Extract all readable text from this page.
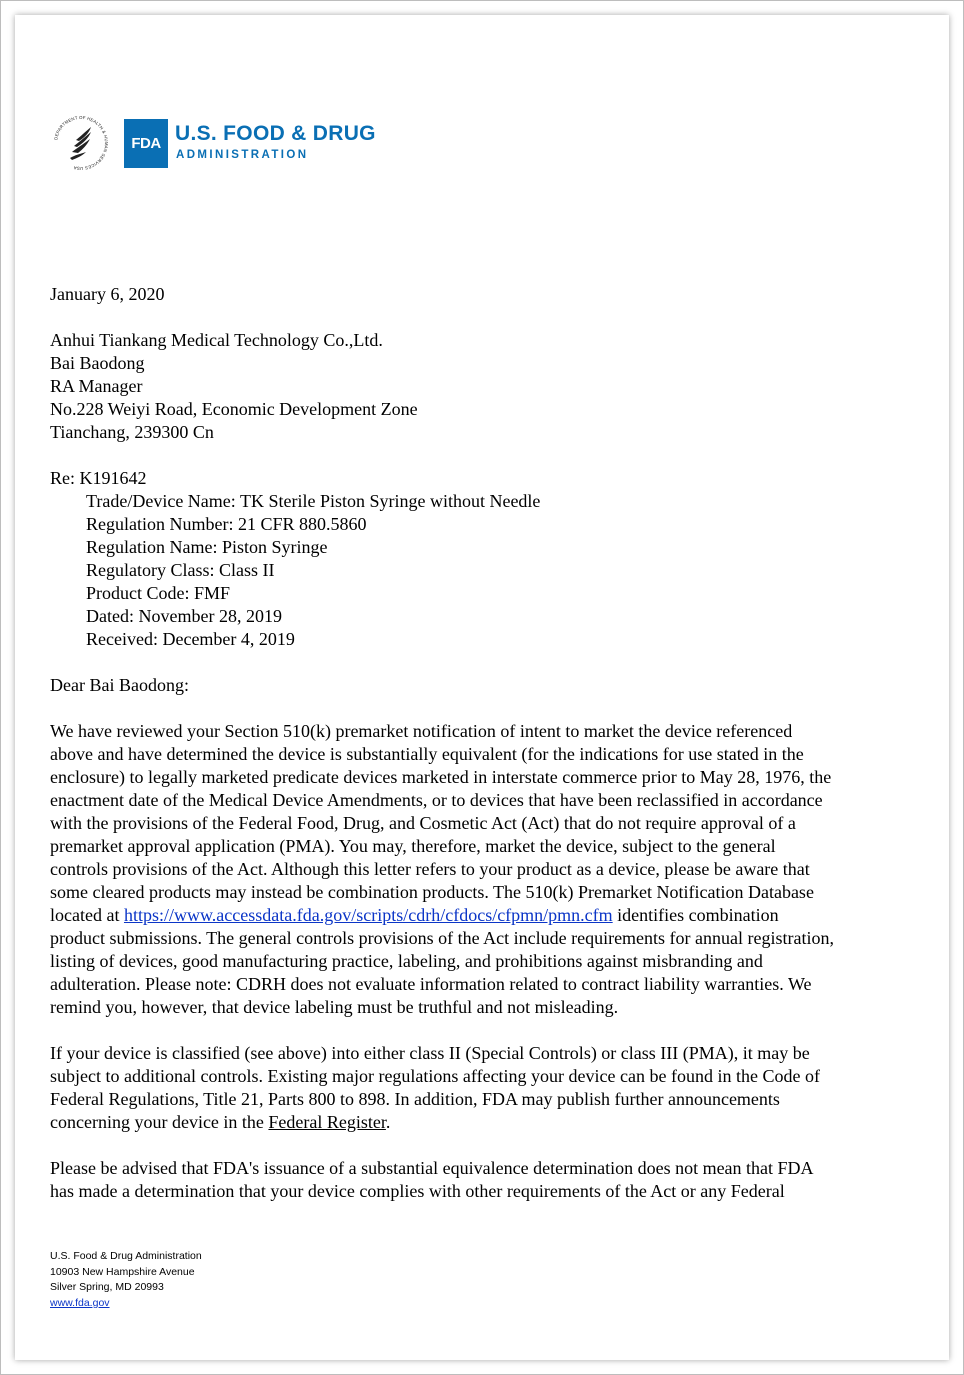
DEPARTMENT OF HEALTH & HUMAN SERVICES USA
FDA U.S. FOOD & DRUG
ADMINISTRATION
January 6, 2020
Anhui Tiankang Medical Technology Co.,Ltd.
Bai Baodong
RA Manager
No.228 Weiyi Road, Economic Development Zone
Tianchang, 239300 Cn
Re: K191642
Trade/Device Name: TK Sterile Piston Syringe without Needle
Regulation Number: 21 CFR 880.5860
Regulation Name: Piston Syringe
Regulatory Class: Class II
Product Code: FMF
Dated: November 28, 2019
Received: December 4, 2019
Dear Bai Baodong:

We have reviewed your Section 510(k) premarket notification of intent to market the device referenced
above and have determined the device is substantially equivalent (for the indications for use stated in the
enclosure) to legally marketed predicate devices marketed in interstate commerce prior to May 28, 1976, the
enactment date of the Medical Device Amendments, or to devices that have been reclassified in accordance
with the provisions of the Federal Food, Drug, and Cosmetic Act (Act) that do not require approval of a
premarket approval application (PMA). You may, therefore, market the device, subject to the general
controls provisions of the Act. Although this letter refers to your product as a device, please be aware that
some cleared products may instead be combination products. The 510(k) Premarket Notification Database
located at https://www.accessdata.fda.gov/scripts/cdrh/cfdocs/cfpmn/pmn.cfm identifies combination
product submissions. The general controls provisions of the Act include requirements for annual registration,
listing of devices, good manufacturing practice, labeling, and prohibitions against misbranding and
adulteration. Please note: CDRH does not evaluate information related to contract liability warranties. We
remind you, however, that device labeling must be truthful and not misleading.

If your device is classified (see above) into either class II (Special Controls) or class III (PMA), it may be
subject to additional controls. Existing major regulations affecting your device can be found in the Code of
Federal Regulations, Title 21, Parts 800 to 898. In addition, FDA may publish further announcements
concerning your device in the Federal Register.

Please be advised that FDA's issuance of a substantial equivalence determination does not mean that FDA
has made a determination that your device complies with other requirements of the Act or any Federal

U.S. Food & Drug Administration
10903 New Hampshire Avenue
Silver Spring, MD 20993
www.fda.gov
